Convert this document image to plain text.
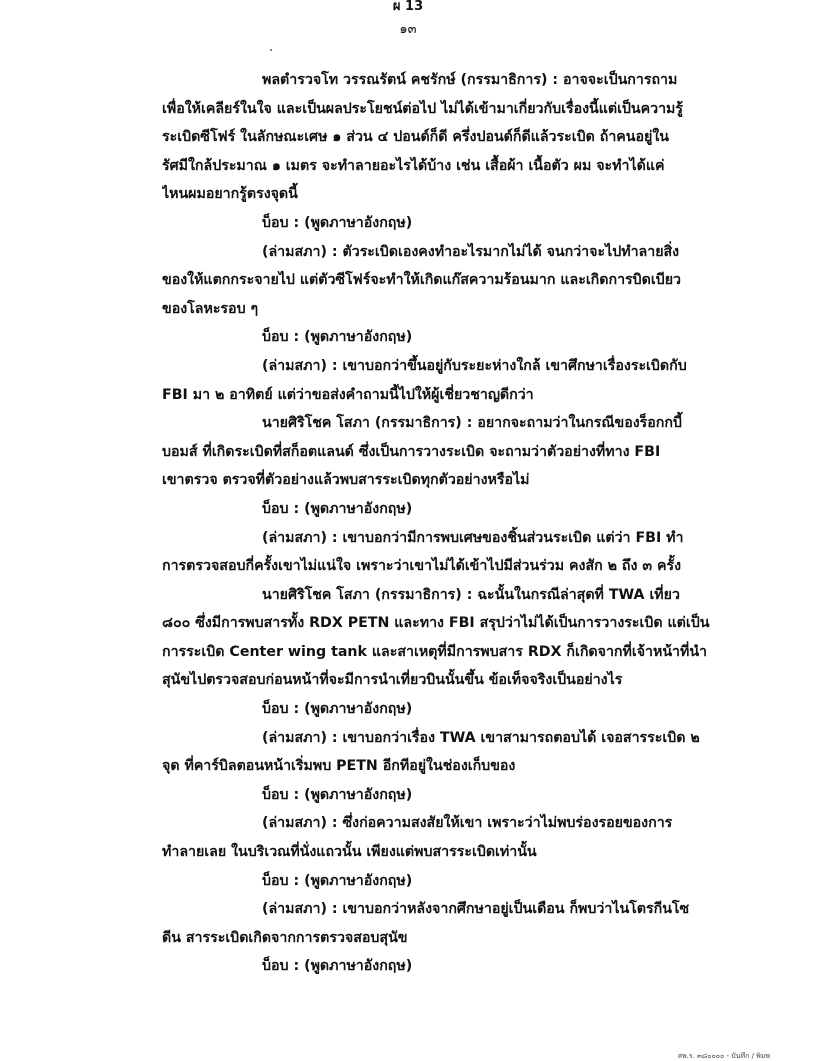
ผ 13
๑๓
พลตำรวจโท วรรณรัตน์ คชรักษ์ (กรรมาธิการ) : อาจจะเป็นการถาม
เพื่อให้เคลียร์ในใจ และเป็นผลประโยชน์ต่อไป ไม่ได้เข้ามาเกี่ยวกับเรื่องนี้แต่เป็นความรู้
ระเบิดซีโฟร์ ในลักษณะเศษ ๑ ส่วน ๔ ปอนด์ก็ดี ครึ่งปอนด์ก็ดีแล้วระเบิด ถ้าคนอยู่ใน
รัศมีใกล้ประมาณ ๑ เมตร จะทำลายอะไรได้บ้าง เช่น เสื้อผ้า เนื้อตัว ผม จะทำได้แค่
ไหนผมอยากรู้ตรงจุดนี้
บ็อบ : (พูดภาษาอังกฤษ)
(ล่ามสภา) : ตัวระเบิดเองคงทำอะไรมากไม่ได้ จนกว่าจะไปทำลายสิ่ง
ของให้แตกกระจายไป แต่ตัวซีโฟร์จะทำให้เกิดแก๊สความร้อนมาก และเกิดการบิดเบียว
ของโลหะรอบ ๆ
บ็อบ : (พูดภาษาอังกฤษ)
(ล่ามสภา) : เขาบอกว่าขึ้นอยู่กับระยะห่างใกล้ เขาศึกษาเรื่องระเบิดกับ
FBI มา ๒ อาทิตย์ แต่ว่าขอส่งคำถามนี้ไปให้ผู้เชี่ยวชาญดีกว่า
นายศิริโชค โสภา (กรรมาธิการ) : อยากจะถามว่าในกรณีของร็อกกบี้
บอมส์ ที่เกิดระเบิดที่สก็อตแลนด์ ซึ่งเป็นการวางระเบิด จะถามว่าตัวอย่างที่ทาง FBI
เขาตรวจ ตรวจที่ตัวอย่างแล้วพบสารระเบิดทุกตัวอย่างหรือไม่
บ็อบ : (พูดภาษาอังกฤษ)
(ล่ามสภา) : เขาบอกว่ามีการพบเศษของชิ้นส่วนระเบิด แต่ว่า FBI ทำ
การตรวจสอบกี่ครั้งเขาไม่แน่ใจ เพราะว่าเขาไม่ได้เข้าไปมีส่วนร่วม คงสัก ๒ ถึง ๓ ครั้ง
นายศิริโชค โสภา (กรรมาธิการ) : ฉะนั้นในกรณีล่าสุดที่ TWA เที่ยว
๘๐๐ ซึ่งมีการพบสารทั้ง RDX PETN และทาง FBI สรุปว่าไม่ได้เป็นการวางระเบิด แต่เป็น
การระเบิด Center wing tank และสาเหตุที่มีการพบสาร RDX ก็เกิดจากที่เจ้าหน้าที่นำ
สุนัขไปตรวจสอบก่อนหน้าที่จะมีการนำเที่ยวบินนั้นขึ้น ข้อเท็จจริงเป็นอย่างไร
บ็อบ : (พูดภาษาอังกฤษ)
(ล่ามสภา) : เขาบอกว่าเรื่อง TWA เขาสามารถตอบได้ เจอสารระเบิด ๒
จุด ที่คาร์บิลตอนหน้าเริ่มพบ PETN อีกทีอยู่ในช่องเก็บของ
บ็อบ : (พูดภาษาอังกฤษ)
(ล่ามสภา) : ซึ่งก่อความสงสัยให้เขา เพราะว่าไม่พบร่องรอยของการ
ทำลายเลย ในบริเวณที่นั่งแถวนั้น เพียงแต่พบสารระเบิดเท่านั้น
บ็อบ : (พูดภาษาอังกฤษ)
(ล่ามสภา) : เขาบอกว่าหลังจากศึกษาอยู่เป็นเดือน ก็พบว่าไนโตรกีนโซ
ดีน สารระเบิดเกิดจากการตรวจสอบสุนัข
บ็อบ : (พูดภาษาอังกฤษ)
สพ.ร. ๓๘๐๐๐๐ - บันทึก / พิมพ
